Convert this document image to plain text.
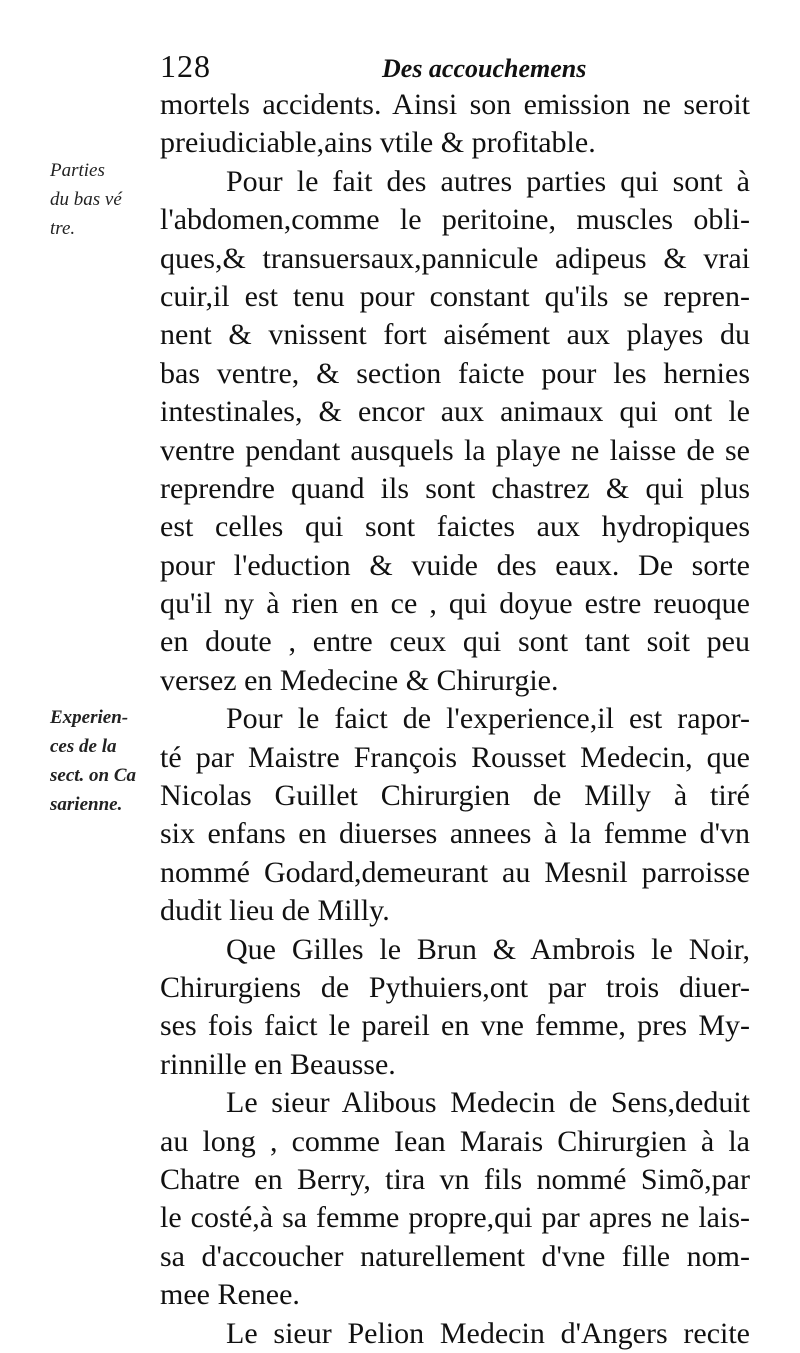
128	Des accouchemens
Parties
du bas vé
tre.
Experien-
ces de la
sect. on Ca
sarienne.
mortels accidents. Ainsi son emission ne seroit
preiudiciable,ains vtile & profitable.
Pour le fait des autres parties qui sont à
l'abdomen,comme le peritoine, muscles obli-
ques,& transuersaux,pannicule adipeus & vrai
cuir,il est tenu pour constant qu'ils se repren-
nent & vnissent fort aisément aux playes du
bas ventre, & section faicte pour les hernies
intestinales, & encor aux animaux qui ont le
ventre pendant ausquels la playe ne laisse de se
reprendre quand ils sont chastrez & qui plus
est celles qui sont faictes aux hydropiques
pour l'eduction & vuide des eaux. De sorte
qu'il ny à rien en ce , qui doyue estre reuoque
en doute , entre ceux qui sont tant soit peu
versez en Medecine & Chirurgie.
Pour le faict de l'experience,il est rapor-
té par Maistre François Rousset Medecin, que
Nicolas Guillet Chirurgien de Milly à tiré
six enfans en diuerses annees à la femme d'vn
nommé Godard,demeurant au Mesnil parroisse
dudit lieu de Milly.
Que Gilles le Brun & Ambrois le Noir,
Chirurgiens de Pythuiers,ont par trois diuer-
ses fois faict le pareil en vne femme, pres My-
rinnille en Beausse.
Le sieur Alibous Medecin de Sens,deduit
au long , comme Iean Marais Chirurgien à la
Chatre en Berry, tira vn fils nommé Simõ,par
le costé,à sa femme propre,qui par apres ne lais-
sa d'accoucher naturellement d'vne fille nom-
mee Renee.
Le sieur Pelion Medecin d'Angers recite
